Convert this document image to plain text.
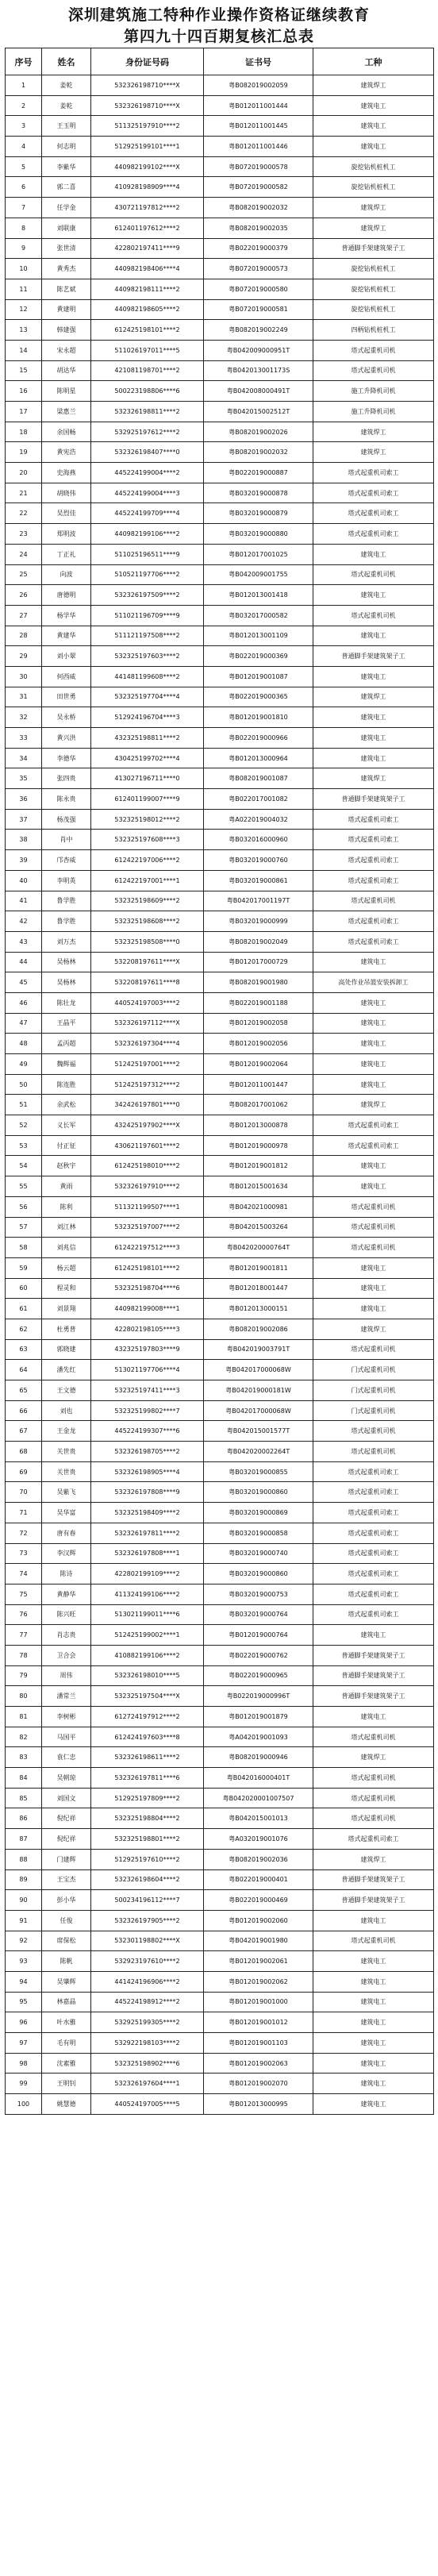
深圳建筑施工特种作业操作资格证继续教育
第四九十四百期复核汇总表
序号	姓名	身份证号码	证书号	工种
1	姜乾	532326198710****X	粤B082019002059	建筑焊工
2	姜乾	532326198710****X	粤B012011001444	建筑电工
3	王玉明	511325197910****2	粤B012011001445	建筑电工
4	何志明	512925199101****1	粤B012011001446	建筑电工
5	李紫华	440982199102****X	粤B072019000578	旋挖钻机桩机工
6	郭二喜	410928198909****4	粤B072019000582	旋挖钻机桩机工
7	任学金	430721197812****2	粤B082019002032	建筑焊工
8	刘联康	612401197612****2	粤B082019002035	建筑焊工
9	张世清	422802197411****9	粤B022019000379	普通脚手架建筑架子工
10	黄秀杰	440982198406****4	粤B072019000573	旋挖钻机桩机工
11	陈艺斌	440982198111****2	粤B072019000580	旋挖钻机桩机工
12	黄建明	440982198605****2	粤B072019000581	旋挖钻机桩机工
13	韩建强	612425198101****2	粤B082019002249	四柄钻机桩机工
14	宋永超	511026197011****5	粤B042009000951T	塔式起重机司机
15	胡达华	421081198701****2	粤B042013001173S	塔式起重机司机
16	陈明星	500223198806****6	粤B042008000491T	施工升降机司机
17	梁惠兰	532326198811****2	粤B042015002512T	施工升降机司机
18	余国畅	532925197612****2	粤B082019002026	建筑焊工
19	黄宪浩	532326198407****0	粤B082019002032	建筑焊工
20	史海燕	445224199004****2	粤B022019000887	塔式起重机司索工
21	胡晓伟	445224199004****3	粤B032019000878	塔式起重机司索工
22	吴烈佳	445224199709****4	粤B032019000879	塔式起重机司索工
23	郑明波	440982199106****2	粤B032019000880	塔式起重机司索工
24	丁正礼	511025196511****9	粤B012017001025	建筑电工
25	向波	510521197706****2	粤B042009001755	塔式起重机司机
26	唐德明	532326197509****2	粤B012013001418	建筑电工
27	杨学华	511021196709****9	粤B032017000582	塔式起重机司机
28	黄建华	511121197508****2	粤B012013001109	建筑电工
29	刘小翠	532325197603****2	粤B022019000369	普通脚手架建筑架子工
30	何西威	441481199608****2	粤B012019001087	建筑电工
31	田世勇	532325197704****4	粤B022019000365	建筑焊工
32	吴永桥	512924196704****3	粤B012019001810	建筑电工
33	黄兴洪	432325198811****2	粤B022019000966	建筑电工
34	李德华	430425199702****4	粤B012013000964	建筑电工
35	张四贵	413027196711****0	粤B082019001087	建筑焊工
36	陈永贵	612401199007****9	粤B022017001082	普通脚手架建筑架子工
37	杨茂强	532325198012****2	粤A022019004032	塔式起重机司索工
38	肖中	532325197608****3	粤B032016000960	塔式起重机司索工
39	邝杏威	612422197006****2	粤B032019000760	塔式起重机司索工
40	李明英	612422197001****1	粤B032019000861	塔式起重机司索工
41	鲁学胜	532325198609****2	粤B042017001197T	塔式起重机司机
42	鲁学胜	532325198608****2	粤B032019000999	塔式起重机司索工
43	刘万杰	532325198508****0	粤B082019002049	塔式起重机司索工
44	吴杨林	532208197611****X	粤B012017000729	建筑电工
45	吴杨林	532208197611****8	粤B082019001980	高处作业吊篮安装拆卸工
46	陈壮龙	440524197003****2	粤B022019001188	建筑电工
47	王晶平	532326197112****X	粤B012019002058	建筑电工
48	孟丙超	532326197304****4	粤B012019002056	建筑电工
49	魏辉福	512425197001****2	粤B012019002064	建筑电工
50	陈连胜	512425197312****2	粤B012011001447	建筑电工
51	余武松	342426197801****0	粤B082017001062	建筑焊工
52	义长军	432425197902****X	粤B012013000878	塔式起重机司索工
53	付正征	430621197601****2	粤B012019000978	塔式起重机司索工
54	赵秋宇	612425198010****2	粤B012019001812	建筑电工
55	黄雨	532326197910****2	粤B012015001634	建筑电工
56	陈利	511321199507****1	粤B042021000981	塔式起重机司机
57	刘江林	532325197007****2	粤B042015003264	塔式起重机司机
58	刘兆信	612422197512****3	粤B042020000764T	塔式起重机司机
59	杨云超	612425198101****2	粤B012019001811	建筑电工
60	程灵和	532325198704****6	粤B012018001447	建筑电工
61	刘景翔	440982199008****1	粤B012013000151	建筑电工
62	杜勇普	422802198105****3	粤B082019002086	建筑焊工
63	郭晓建	432325197803****9	粤B042019003791T	塔式起重机司机
64	潘先红	513021197706****4	粤B042017000068W	门式起重机司机
65	王文德	532325197411****3	粤B042019000181W	门式起重机司机
66	刘也	532325199802****7	粤B042017000068W	门式起重机司机
67	王金龙	445224199307****6	粤B042015001577T	塔式起重机司机
68	关世贵	532326198705****2	粤B042020002264T	塔式起重机司机
69	关世贵	532326198905****4	粤B032019000855	塔式起重机司索工
70	吴紫飞	532326197808****9	粤B032019000860	塔式起重机司索工
71	吴华富	532325198409****2	粤B032019000869	塔式起重机司索工
72	唐有春	532326197811****2	粤B032019000858	塔式起重机司索工
73	李汉辉	532326197808****1	粤B032019000740	塔式起重机司索工
74	陈诗	422802199109****2	粤B032019000860	塔式起重机司索工
75	黄静华	411324199106****2	粤B032019000753	塔式起重机司索工
76	陈兴旺	513021199011****6	粤B032019000764	塔式起重机司索工
77	肖志贵	512425199002****1	粤B012019000764	建筑电工
78	卫合会	410882199106****2	粤B022019000762	普通脚手架建筑架子工
79	周伟	532326198010****5	粤B022019000965	普通脚手架建筑架子工
80	潘常兰	532325197504****X	粤B022019000996T	普通脚手架建筑架子工
81	李树彬	612724197912****2	粤B012019001879	建筑电工
82	马国平	612424197603****8	粤A042019001093	塔式起重机司机
83	袁仁忠	532326198611****2	粤B082019000946	建筑焊工
84	吴朝琼	532326197811****6	粤B042016000401T	塔式起重机司机
85	刘国文	512925197809****2	粤B042020001007507	塔式起重机司机
86	倪纪祥	532325198804****2	粤B042015001013	塔式起重机司机
87	倪纪祥	532325198801****2	粤A032019001076	塔式起重机司索工
88	门建辉	512925197610****2	粤B082019002036	建筑焊工
89	王宝杰	532326198604****2	粤B022019000401	普通脚手架建筑架子工
90	彭小华	500234196112****7	粤B022019000469	普通脚手架建筑架子工
91	任俊	532326197905****2	粤B012019002060	建筑电工
92	席保松	532301198802****X	粤B042019001980	塔式起重机司机
93	陈帆	532923197610****2	粤B012019002061	建筑电工
94	吴肇辉	441424196906****2	粤B012019002062	建筑电工
95	林嘉晶	445224198912****2	粤B012019001000	建筑电工
96	叶水雅	532925199305****2	粤B012019001012	建筑电工
97	毛有明	532922198103****2	粤B012019001103	建筑电工
98	沈素雅	532325198902****6	粤B012019002063	建筑电工
99	王明钊	532326197604****1	粤B012019002070	建筑电工
100	姚慧德	440524197005****5	粤B012013000995	建筑电工
